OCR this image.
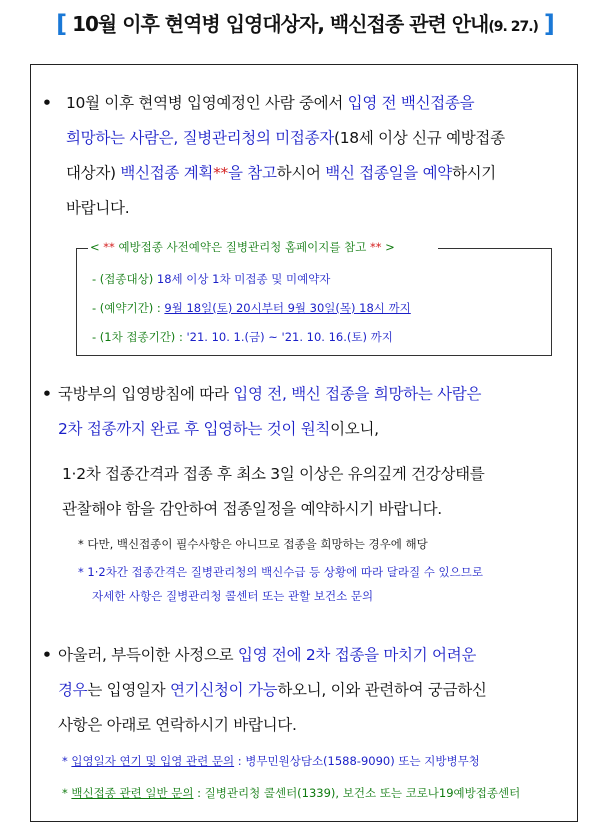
[ 10월 이후 현역병 입영대상자, 백신접종 관련 안내(9. 27.) ]
• 10월 이후 현역병 입영예정인 사람 중에서 입영 전 백신접종을
희망하는 사람은, 질병관리청의 미접종자(18세 이상 신규 예방접종
대상자) 백신접종 계획**을 참고하시어 백신 접종일을 예약하시기
바랍니다.
< ** 예방접종 사전예약은 질병관리청 홈페이지를 참고 ** >
- (접종대상) 18세 이상 1차 미접종 및 미예약자
- (예약기간) : 9월 18일(토) 20시부터 9월 30일(목) 18시 까지
- (1차 접종기간) : '21. 10. 1.(금) ~ '21. 10. 16.(토) 까지
• 국방부의 입영방침에 따라 입영 전, 백신 접종을 희망하는 사람은
2차 접종까지 완료 후 입영하는 것이 원칙이오니,
1·2차 접종간격과 접종 후 최소 3일 이상은 유의깊게 건강상태를
관찰해야 함을 감안하여 접종일정을 예약하시기 바랍니다.
* 다만, 백신접종이 필수사항은 아니므로 접종을 희망하는 경우에 해당
* 1·2차간 접종간격은 질병관리청의 백신수급 등 상황에 따라 달라질 수 있으므로
자세한 사항은 질병관리청 콜센터 또는 관할 보건소 문의
• 아울러, 부득이한 사정으로 입영 전에 2차 접종을 마치기 어려운
경우는 입영일자 연기신청이 가능하오니, 이와 관련하여 궁금하신
사항은 아래로 연락하시기 바랍니다.
* 입영일자 연기 및 입영 관련 문의 : 병무민원상담소(1588-9090) 또는 지방병무청
* 백신접종 관련 일반 문의 : 질병관리청 콜센터(1339), 보건소 또는 코로나19예방접종센터
